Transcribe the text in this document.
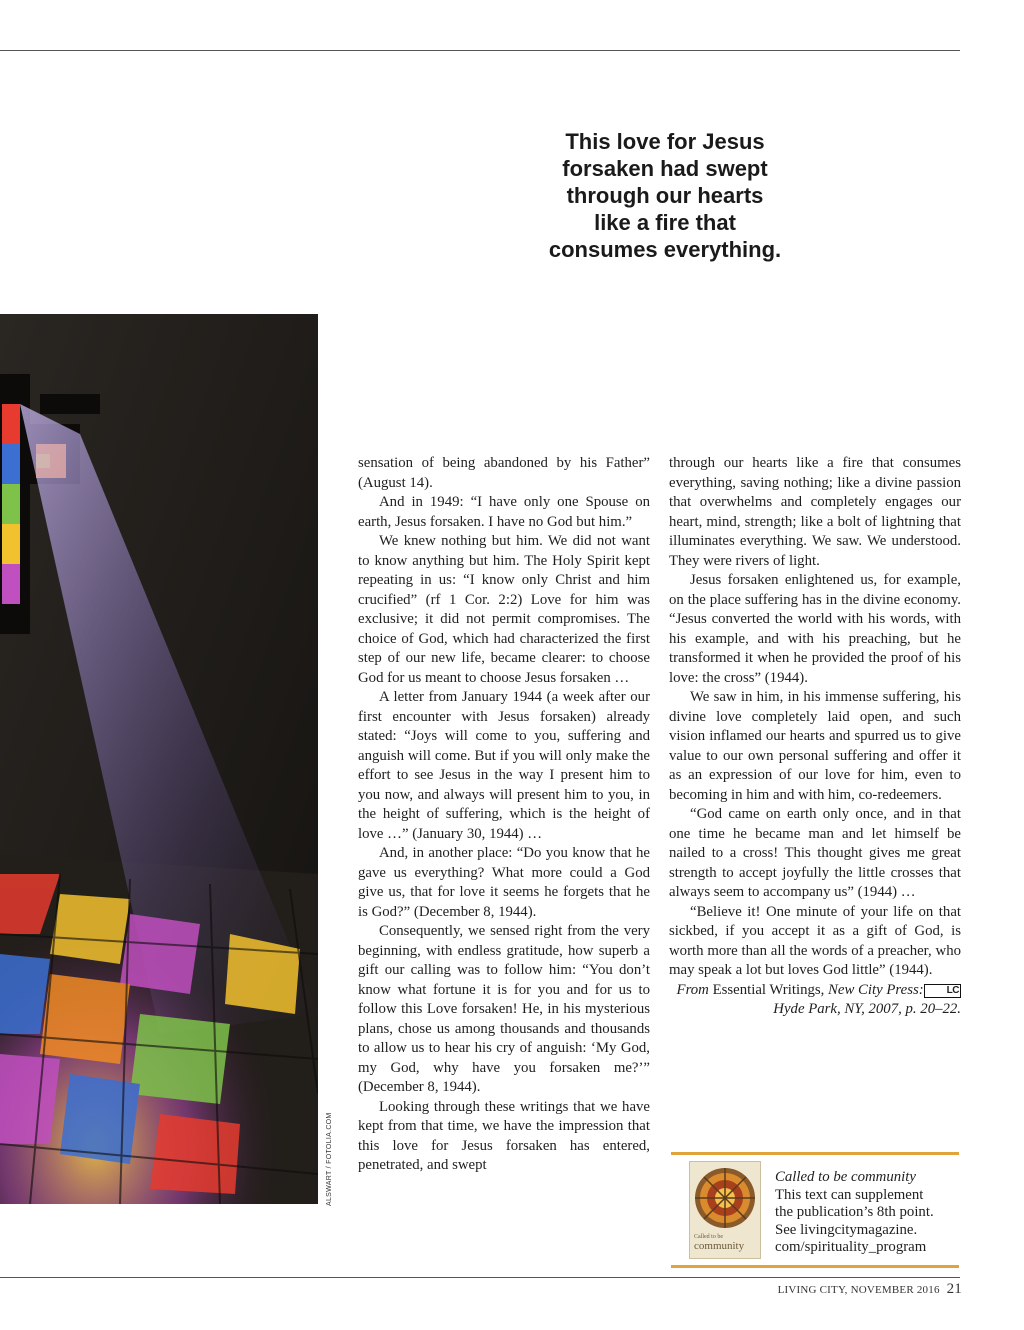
This love for Jesus
forsaken had swept
through our hearts
like a fire that
consumes everything.
ALSWART / FOTOLIA.COM

sensation of being abandoned by his Father” (August 14).

And in 1949: “I have only one Spouse on earth, Jesus forsaken. I have no God but him.”

We knew nothing but him. We did not want to know anything but him. The Holy Spirit kept repeating in us: “I know only Christ and him crucified” (rf 1 Cor. 2:2) Love for him was exclusive; it did not permit compromises. The choice of God, which had characterized the first step of our new life, became clearer: to choose God for us meant to choose Jesus forsaken …

A letter from January 1944 (a week after our first encounter with Jesus forsaken) already stated: “Joys will come to you, suffering and anguish will come. But if you will only make the effort to see Jesus in the way I present him to you now, and always will present him to you, in the height of suffering, which is the height of love …” (January 30, 1944) …

And, in another place: “Do you know that he gave us everything? What more could a God give us, that for love it seems he forgets that he is God?” (December 8, 1944).

Consequently, we sensed right from the very beginning, with endless gratitude, how superb a gift our calling was to follow him: “You don’t know what fortune it is for you and for us to follow this Love forsaken! He, in his mysterious plans, chose us among thousands and thousands to allow us to hear his cry of anguish: ‘My God, my God, why have you forsaken me?’” (December 8, 1944).

Looking through these writings that we have kept from that time, we have the impression that this love for Jesus forsaken has entered, penetrated, and swept

through our hearts like a fire that consumes everything, saving nothing; like a divine passion that overwhelms and completely engages our heart, mind, strength; like a bolt of lightning that illuminates everything. We saw. We understood. They were rivers of light.

Jesus forsaken enlightened us, for example, on the place suffering has in the divine economy. “Jesus converted the world with his words, with his example, and with his preaching, but he transformed it when he provided the proof of his love: the cross” (1944).

We saw in him, in his immense suffering, his divine love completely laid open, and such vision inflamed our hearts and spurred us to give value to our own personal suffering and offer it as an expression of our love for him, even to becoming in him and with him, co-redeemers.

“God came on earth only once, and in that one time he became man and let himself be nailed to a cross! This thought gives me great strength to accept joyfully the little crosses that always seem to accompany us” (1944) …

“Believe it! One minute of your life on that sickbed, if you accept it as a gift of God, is worth more than all the words of a preacher, who may speak a lot but loves God little” (1944).
LC

From Essential Writings, New City Press:
Hyde Park, NY, 2007, p. 20–22.

Called to be
community
Called to be community
This text can supplement
the publication’s 8th point.
See livingcitymagazine.
com/spirituality_program
LIVING CITY, NOVEMBER 2016 21
